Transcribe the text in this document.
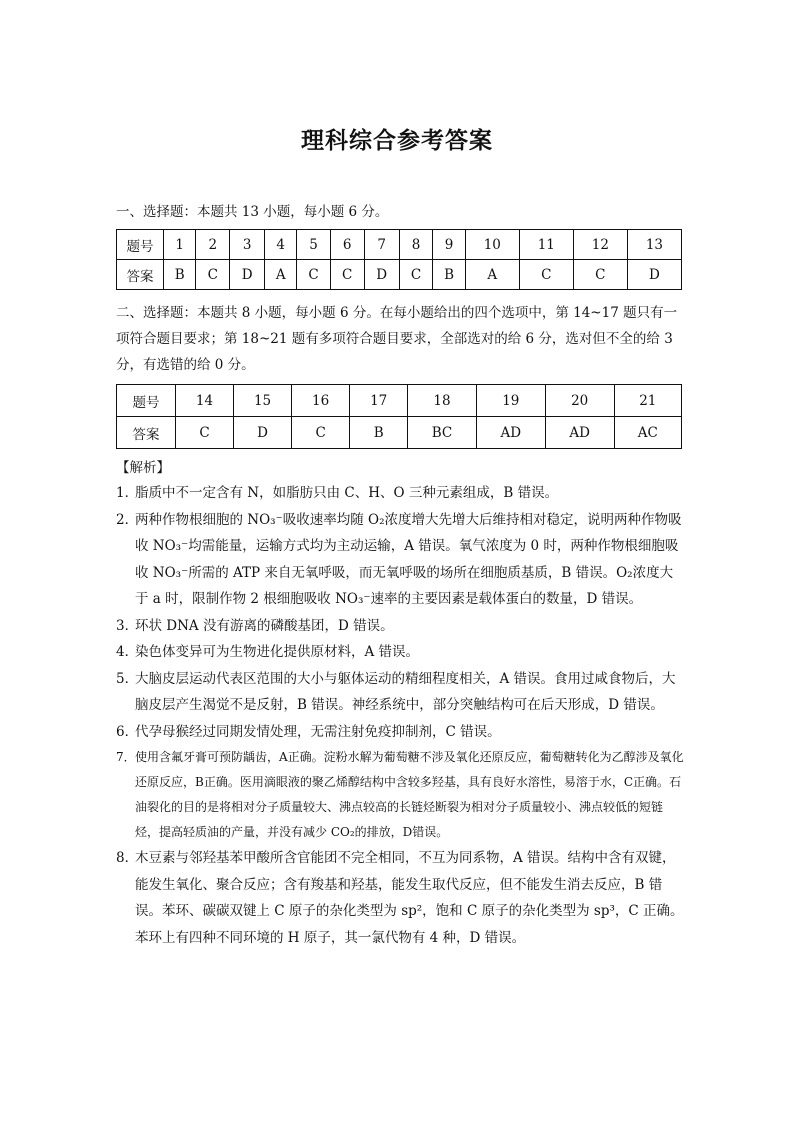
理科综合参考答案
一、选择题：本题共 13 小题，每小题 6 分。
题号	1	2	3	4	5	6	7	8	9	10	11	12	13
答案	B	C	D	A	C	C	D	C	B	A	C	C	D
二、选择题：本题共 8 小题，每小题 6 分。在每小题给出的四个选项中，第 14~17 题只有一项符合题目要求；第 18~21 题有多项符合题目要求，全部选对的给 6 分，选对但不全的给 3 分，有选错的给 0 分。
题号	14	15	16	17	18	19	20	21
答案	C	D	C	B	BC	AD	AD	AC
【解析】
1．
脂质中不一定含有 N，如脂肪只由 C、H、O 三种元素组成，B 错误。
2．
两种作物根细胞的 NO₃⁻吸收速率均随 O₂浓度增大先增大后维持相对稳定，说明两种作物吸收 NO₃⁻均需能量，运输方式均为主动运输，A 错误。氧气浓度为 0 时，两种作物根细胞吸收 NO₃⁻所需的 ATP 来自无氧呼吸，而无氧呼吸的场所在细胞质基质，B 错误。O₂浓度大于 a 时，限制作物 2 根细胞吸收 NO₃⁻速率的主要因素是载体蛋白的数量，D 错误。
3．
环状 DNA 没有游离的磷酸基团，D 错误。
4．
染色体变异可为生物进化提供原材料，A 错误。
5．
大脑皮层运动代表区范围的大小与躯体运动的精细程度相关，A 错误。食用过咸食物后，大脑皮层产生渴觉不是反射，B 错误。神经系统中，部分突触结构可在后天形成，D 错误。
6．
代孕母猴经过同期发情处理，无需注射免疫抑制剂，C 错误。
7． 使用含氟牙膏可预防龋齿，A正确。淀粉水解为葡萄糖不涉及氧化还原反应，葡萄糖转化为乙醇涉及氧化还原反应，B正确。医用滴眼液的聚乙烯醇结构中含较多羟基，具有良好水溶性，易溶于水，C正确。石油裂化的目的是将相对分子质量较大、沸点较高的长链烃断裂为相对分子质量较小、沸点较低的短链烃，提高轻质油的产量，并没有减少 CO₂的排放，D错误。
8．
木豆素与邻羟基苯甲酸所含官能团不完全相同，不互为同系物，A 错误。结构中含有双键，能发生氧化、聚合反应；含有羧基和羟基，能发生取代反应，但不能发生消去反应，B 错误。苯环、碳碳双键上 C 原子的杂化类型为 sp²，饱和 C 原子的杂化类型为 sp³，C 正确。苯环上有四种不同环境的 H 原子，其一氯代物有 4 种，D 错误。
